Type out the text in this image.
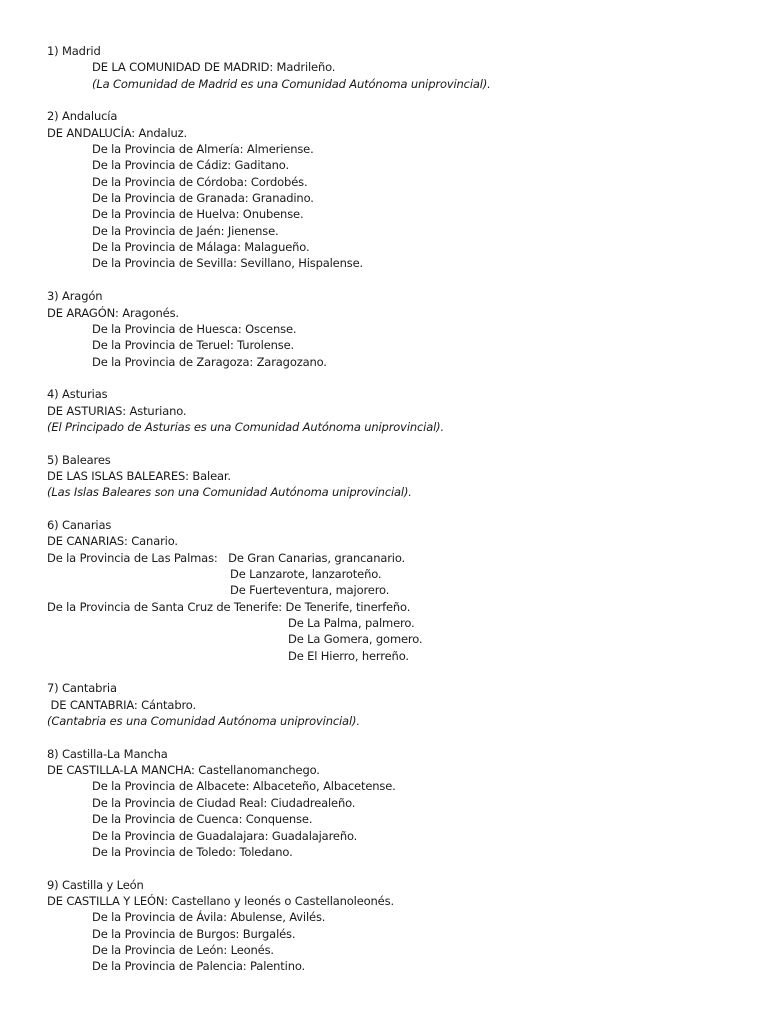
1) Madrid
DE LA COMUNIDAD DE MADRID: Madrileño.
(La Comunidad de Madrid es una Comunidad Autónoma uniprovincial).
2) Andalucía
DE ANDALUCÍA: Andaluz.
De la Provincia de Almería: Almeriense.
De la Provincia de Cádiz: Gaditano.
De la Provincia de Córdoba: Cordobés.
De la Provincia de Granada: Granadino.
De la Provincia de Huelva: Onubense.
De la Provincia de Jaén: Jienense.
De la Provincia de Málaga: Malagueño.
De la Provincia de Sevilla: Sevillano, Hispalense.
3) Aragón
DE ARAGÓN: Aragonés.
De la Provincia de Huesca: Oscense.
De la Provincia de Teruel: Turolense.
De la Provincia de Zaragoza: Zaragozano.
4) Asturias
DE ASTURIAS: Asturiano.
(El Principado de Asturias es una Comunidad Autónoma uniprovincial).
5) Baleares
DE LAS ISLAS BALEARES: Balear.
(Las Islas Baleares son una Comunidad Autónoma uniprovincial).
6) Canarias
DE CANARIAS: Canario.
De la Provincia de Las Palmas:   De Gran Canarias, grancanario.
De Lanzarote, lanzaroteño.
De Fuerteventura, majorero.
De la Provincia de Santa Cruz de Tenerife: De Tenerife, tinerfeño.
De La Palma, palmero.
De La Gomera, gomero.
De El Hierro, herreño.
7) Cantabria
DE CANTABRIA: Cántabro.
(Cantabria es una Comunidad Autónoma uniprovincial).
8) Castilla-La Mancha
DE CASTILLA-LA MANCHA: Castellanomanchego.
De la Provincia de Albacete: Albaceteño, Albacetense.
De la Provincia de Ciudad Real: Ciudadrealeño.
De la Provincia de Cuenca: Conquense.
De la Provincia de Guadalajara: Guadalajareño.
De la Provincia de Toledo: Toledano.
9) Castilla y León
DE CASTILLA Y LEÓN: Castellano y leonés o Castellanoleonés.
De la Provincia de Ávila: Abulense, Avilés.
De la Provincia de Burgos: Burgalés.
De la Provincia de León: Leonés.
De la Provincia de Palencia: Palentino.
